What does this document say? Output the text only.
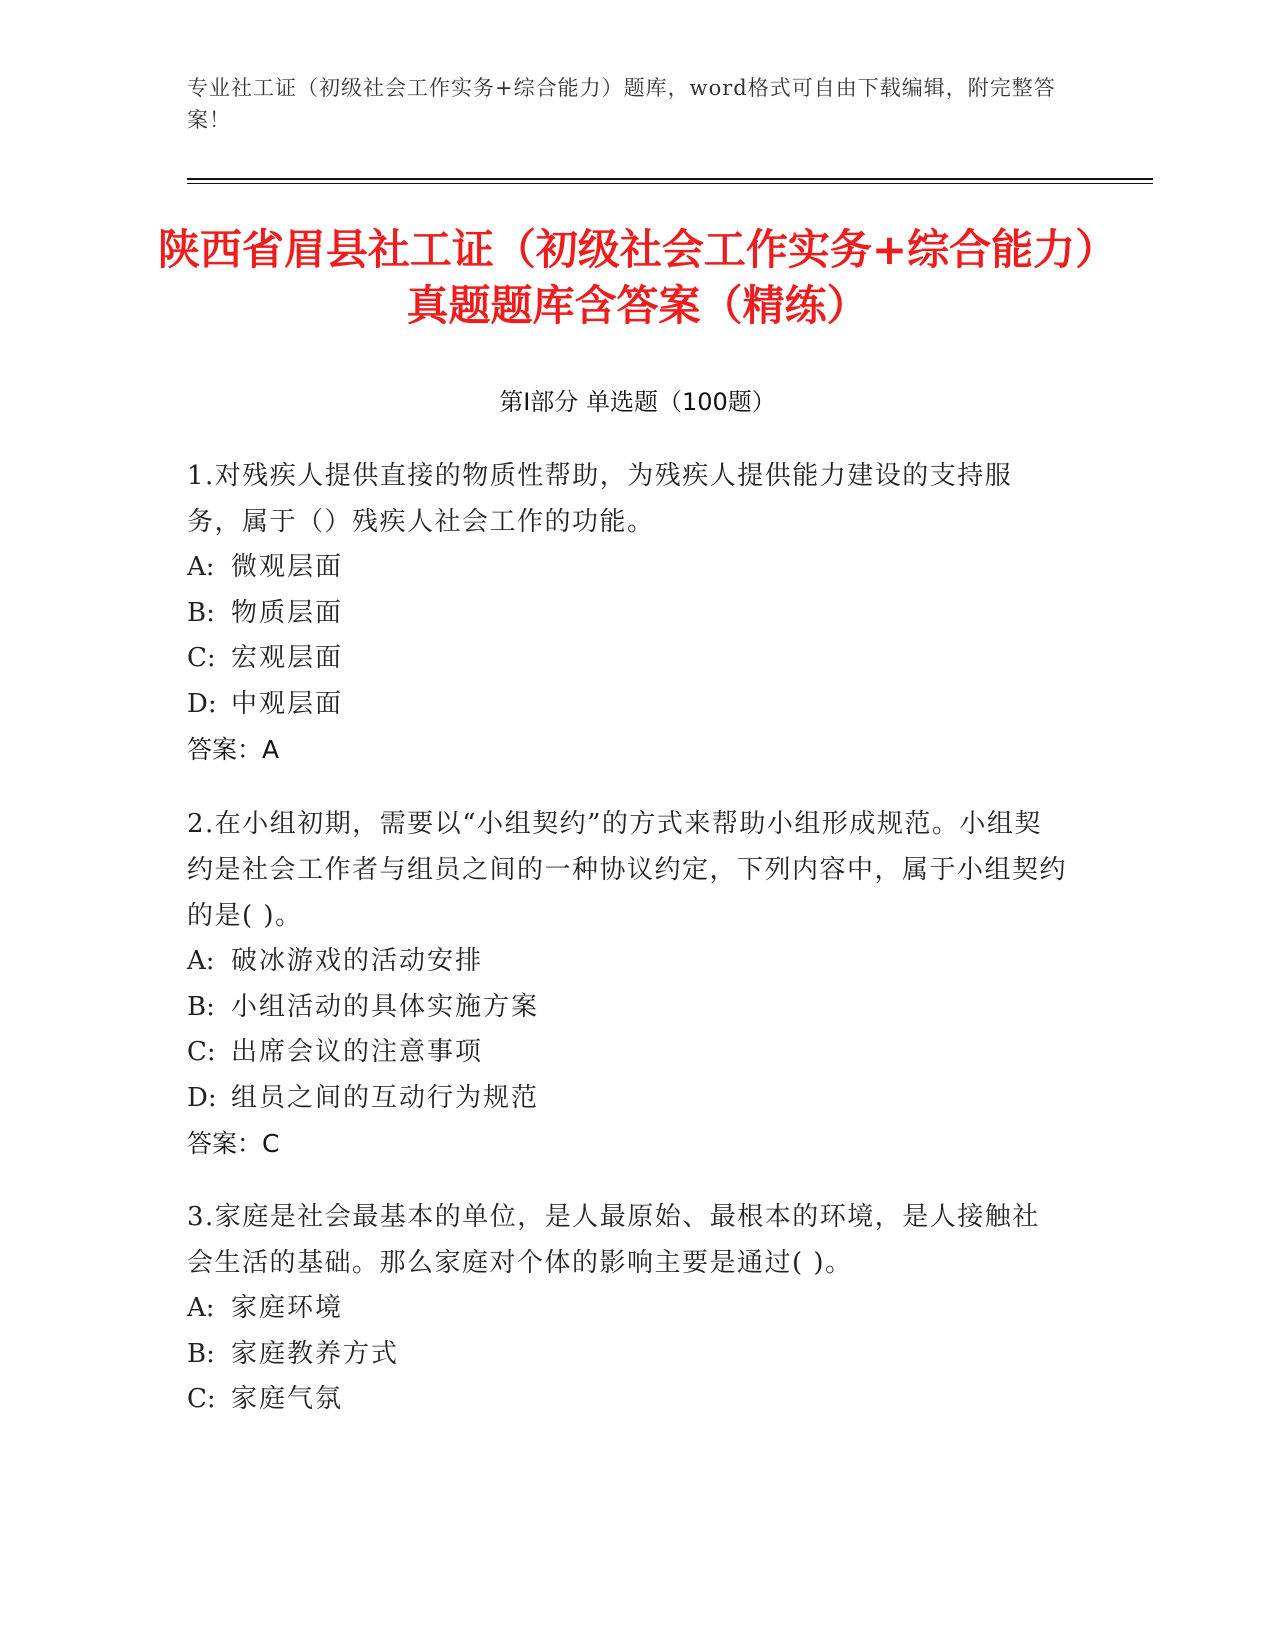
专业社工证（初级社会工作实务+综合能力）题库，word格式可自由下载编辑，附完整答案！
陕西省眉县社工证（初级社会工作实务+综合能力）真题题库含答案（精练）
第Ⅰ部分 单选题（100题）

1.对残疾人提供直接的物质性帮助，为残疾人提供能力建设的支持服务，属于（）残疾人社会工作的功能。

A: 微观层面

B: 物质层面

C: 宏观层面

D: 中观层面

答案：A

2.在小组初期，需要以“小组契约”的方式来帮助小组形成规范。小组契约是社会工作者与组员之间的一种协议约定，下列内容中，属于小组契约的是( )。

A: 破冰游戏的活动安排

B: 小组活动的具体实施方案

C: 出席会议的注意事项

D: 组员之间的互动行为规范

答案：C

3.家庭是社会最基本的单位，是人最原始、最根本的环境，是人接触社会生活的基础。那么家庭对个体的影响主要是通过( )。

A: 家庭环境

B: 家庭教养方式

C: 家庭气氛
